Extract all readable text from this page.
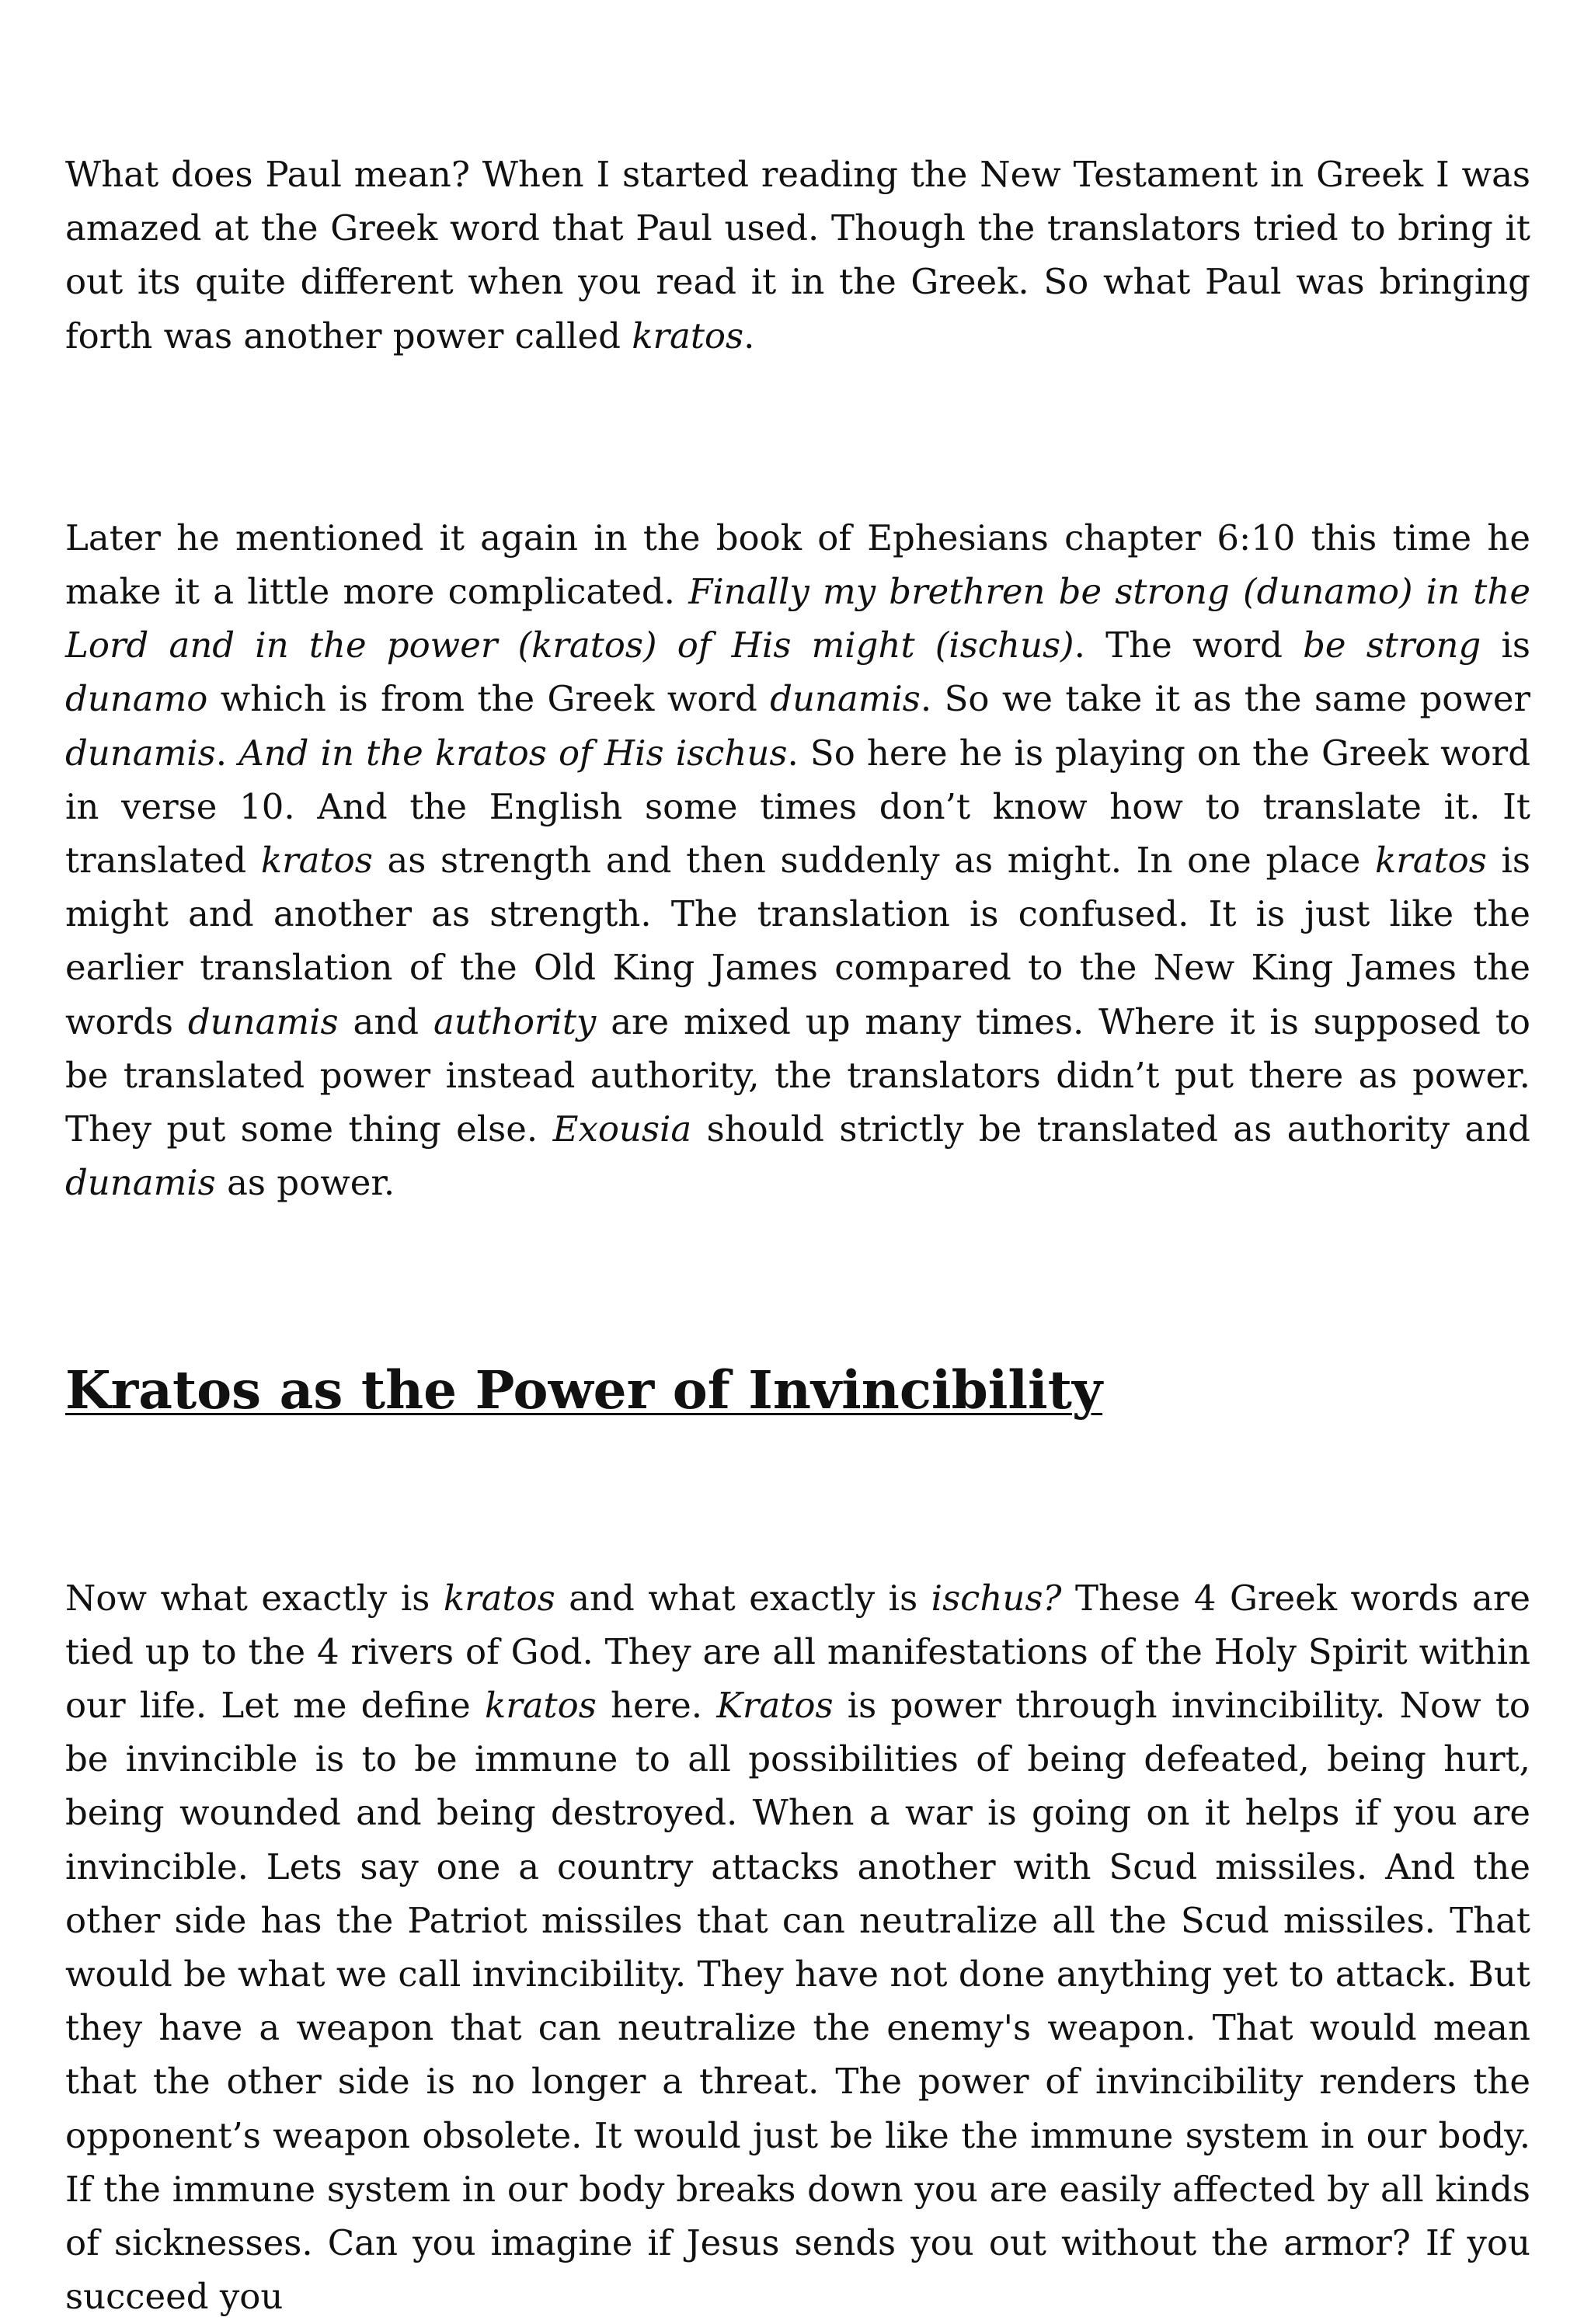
What does Paul mean? When I started reading the New Testament in Greek I was amazed at the Greek word that Paul used. Though the translators tried to bring it out its quite different when you read it in the Greek. So what Paul was bringing forth was another power called kratos.

Later he mentioned it again in the book of Ephesians chapter 6:10 this time he make it a little more complicated. Finally my brethren be strong (dunamo) in the Lord and in the power (kratos) of His might (ischus). The word be strong is dunamo which is from the Greek word dunamis. So we take it as the same power dunamis. And in the kratos of His ischus. So here he is playing on the Greek word in verse 10. And the English some times don’t know how to translate it. It translated kratos as strength and then suddenly as might. In one place kratos is might and another as strength. The translation is confused. It is just like the earlier translation of the Old King James compared to the New King James the words dunamis and authority are mixed up many times. Where it is supposed to be translated power instead authority, the translators didn’t put there as power. They put some thing else. Exousia should strictly be translated as authority and dunamis as power.

Kratos as the Power of Invincibility

Now what exactly is kratos and what exactly is ischus? These 4 Greek words are tied up to the 4 rivers of God. They are all manifestations of the Holy Spirit within our life. Let me define kratos here. Kratos is power through invincibility. Now to be invincible is to be immune to all possibilities of being defeated, being hurt, being wounded and being destroyed. When a war is going on it helps if you are invincible. Lets say one a country attacks another with Scud missiles. And the other side has the Patriot missiles that can neutralize all the Scud missiles. That would be what we call invincibility. They have not done anything yet to attack. But they have a weapon that can neutralize the enemy's weapon. That would mean that the other side is no longer a threat. The power of invincibility renders the opponent’s weapon obsolete. It would just be like the immune system in our body. If the immune system in our body breaks down you are easily affected by all kinds of sicknesses. Can you imagine if Jesus sends you out without the armor? If you succeed you
